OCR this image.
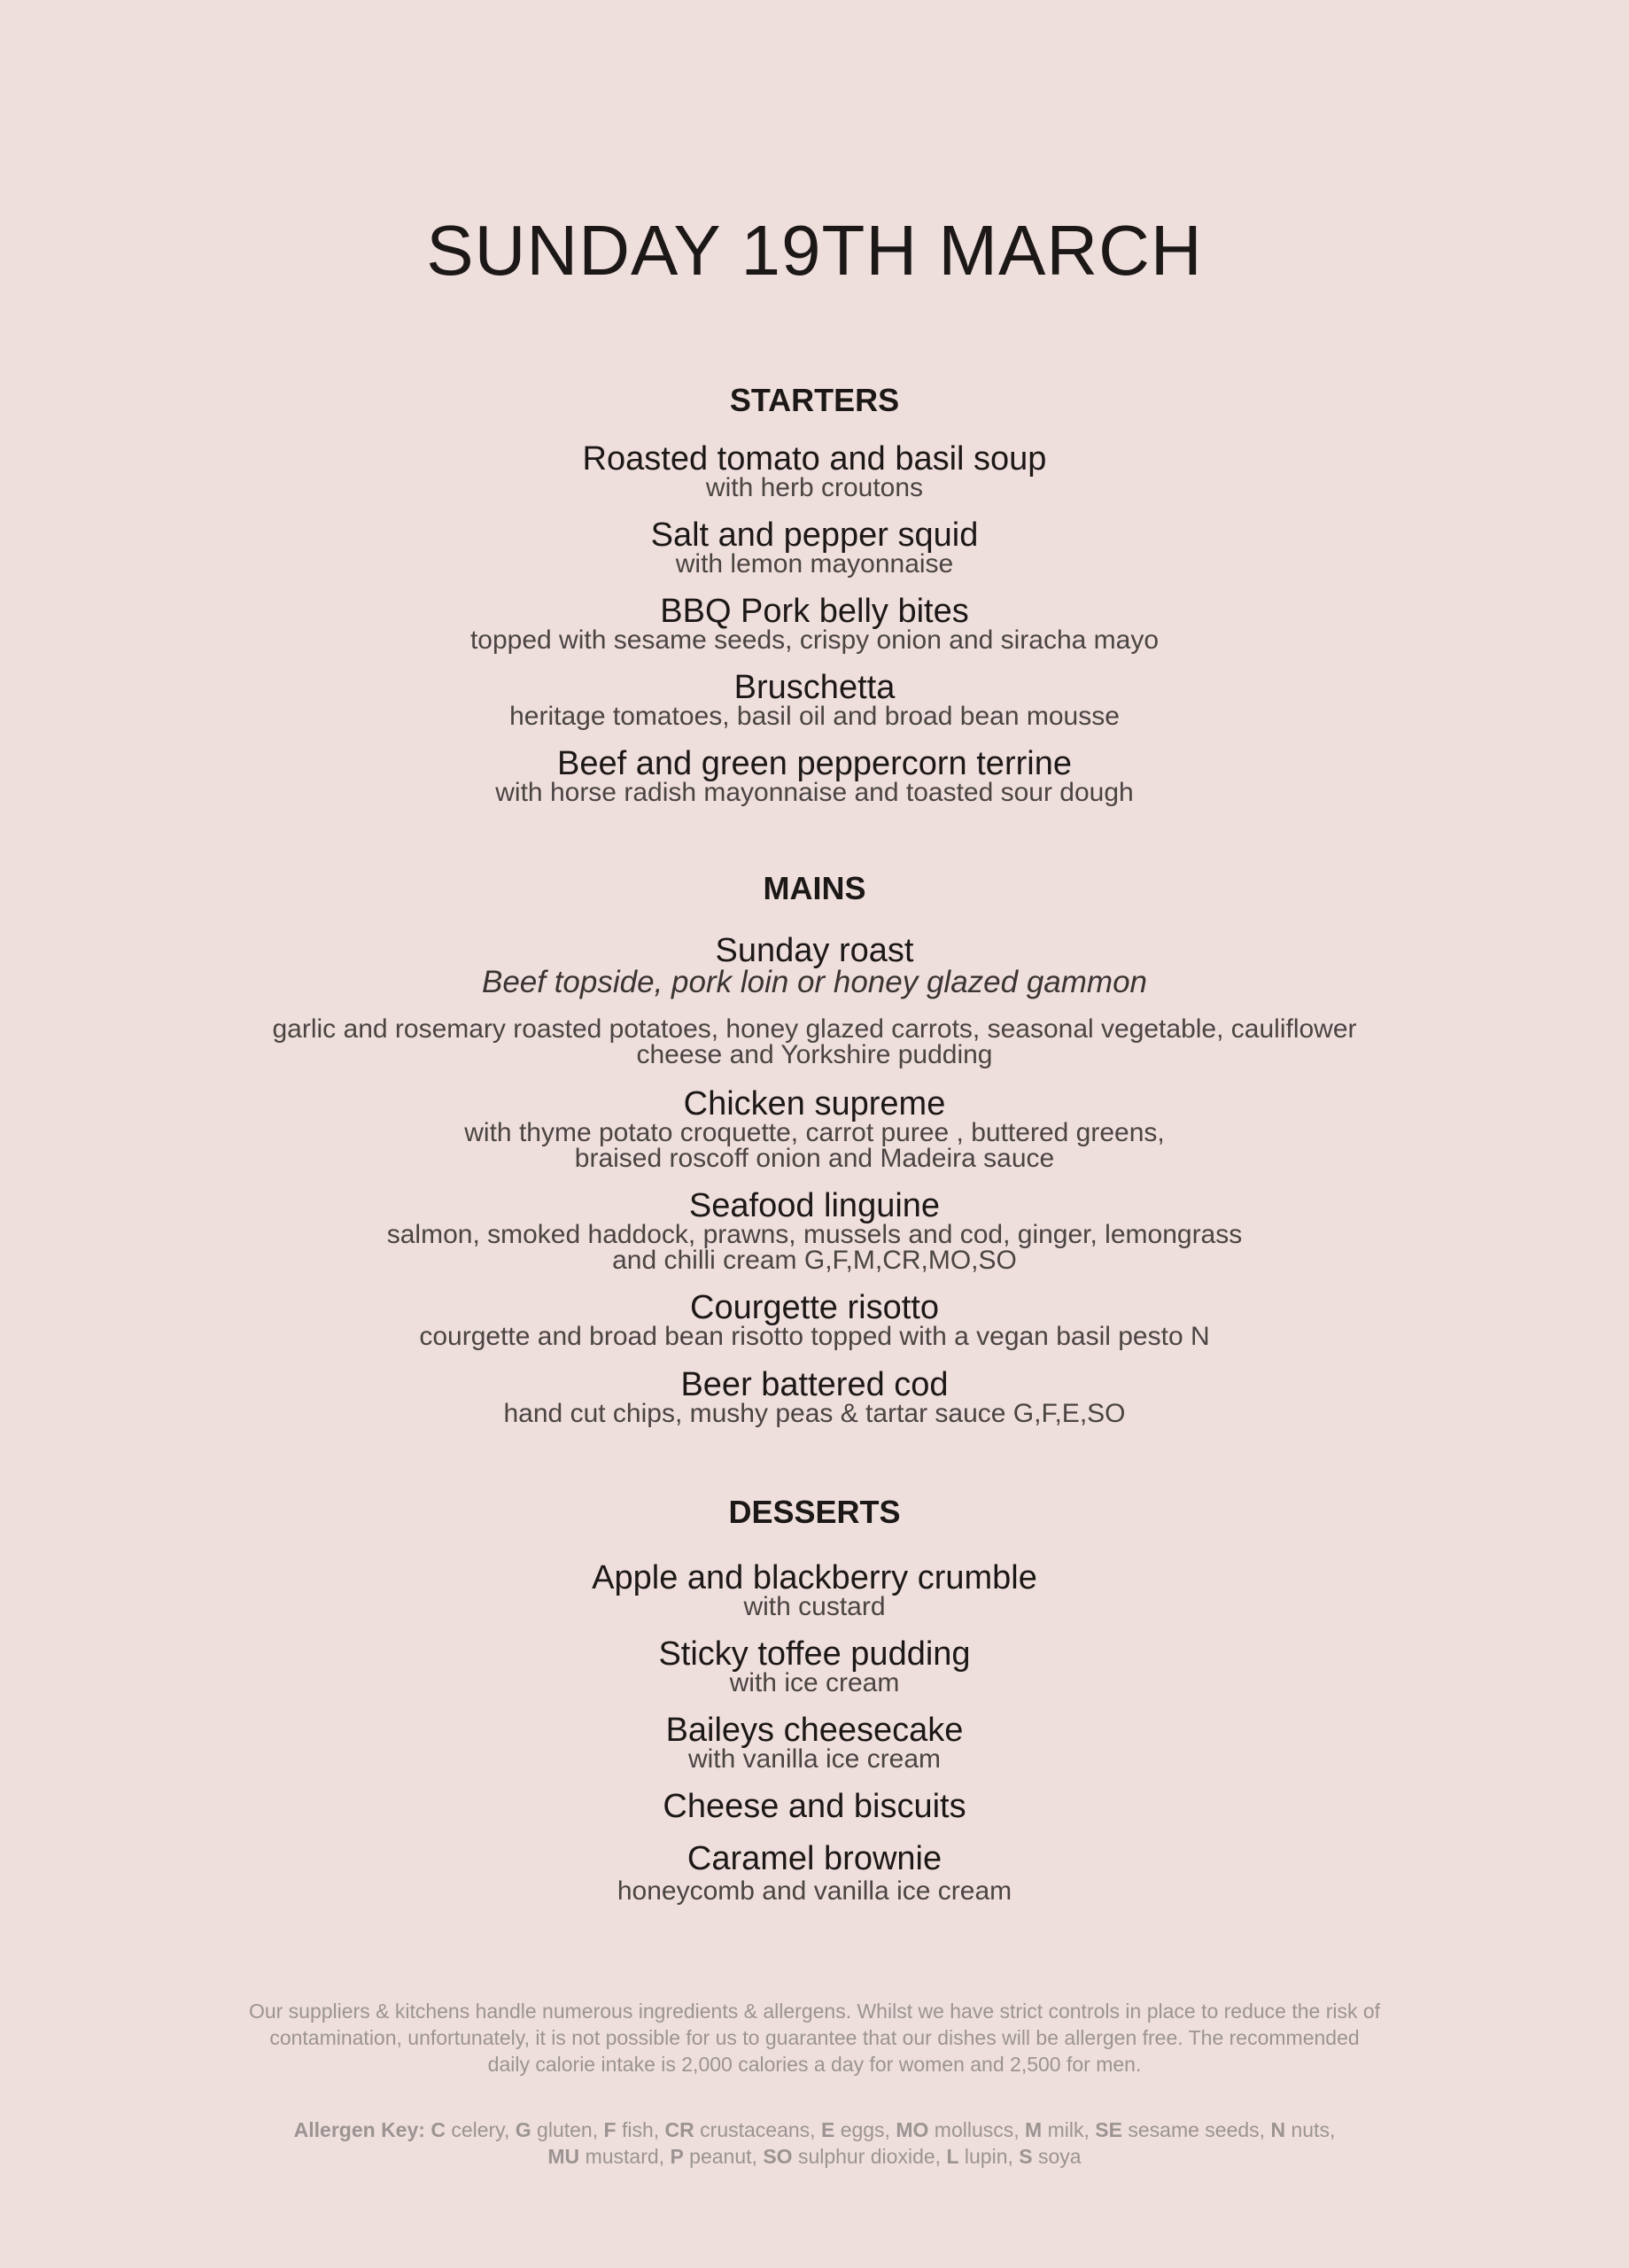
SUNDAY 19TH MARCH
STARTERS
Roasted tomato and basil soup
with herb croutons
Salt and pepper squid
with lemon mayonnaise
BBQ Pork belly bites
topped with sesame seeds, crispy onion and siracha mayo
Bruschetta
heritage tomatoes, basil oil and broad bean mousse
Beef and green peppercorn terrine
with horse radish mayonnaise and toasted sour dough
MAINS
Sunday roast
Beef topside, pork loin or honey glazed gammon
garlic and rosemary roasted potatoes, honey glazed carrots, seasonal vegetable, cauliflower
cheese and Yorkshire pudding
Chicken supreme
with thyme potato croquette, carrot puree , buttered greens,
braised roscoff onion and Madeira sauce
Seafood linguine
salmon, smoked haddock, prawns, mussels and cod, ginger, lemongrass
and chilli cream G,F,M,CR,MO,SO
Courgette risotto
courgette and broad bean risotto topped with a vegan basil pesto N
Beer battered cod
hand cut chips, mushy peas & tartar sauce G,F,E,SO
DESSERTS
Apple and blackberry crumble
with custard
Sticky toffee pudding
with ice cream
Baileys cheesecake
with vanilla ice cream
Cheese and biscuits
Caramel brownie
honeycomb and vanilla ice cream
Our suppliers & kitchens handle numerous ingredients & allergens. Whilst we have strict controls in place to reduce the risk of
contamination, unfortunately, it is not possible for us to guarantee that our dishes will be allergen free. The recommended
daily calorie intake is 2,000 calories a day for women and 2,500 for men.
Allergen Key: C celery, G gluten, F fish, CR crustaceans, E eggs, MO molluscs, M milk, SE sesame seeds, N nuts,
MU mustard, P peanut, SO sulphur dioxide, L lupin, S soya
